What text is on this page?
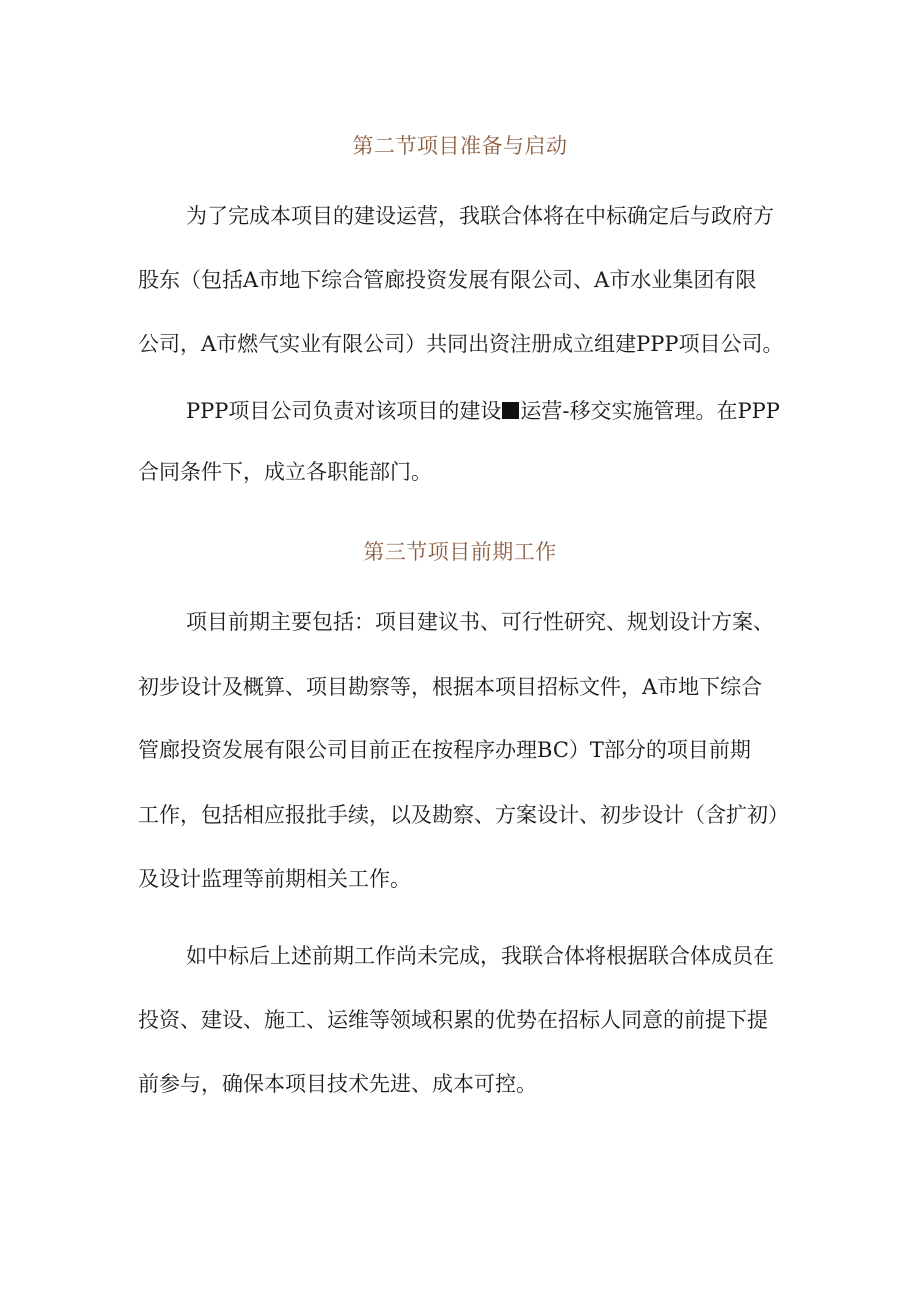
第二节项目准备与启动

为了完成本项目的建设运营，我联合体将在中标确定后与政府方

股东（包括A市地下综合管廊投资发展有限公司、A市水业集团有限

公司，A市燃气实业有限公司）共同出资注册成立组建PPP项目公司。

PPP项目公司负责对该项目的建设 运营-移交实施管理。在PPP

合同条件下，成立各职能部门。

第三节项目前期工作

项目前期主要包括：项目建议书、可行性研究、规划设计方案、

初步设计及概算、项目勘察等，根据本项目招标文件，A市地下综合

管廊投资发展有限公司目前正在按程序办理BC）T部分的项目前期

工作，包括相应报批手续，以及勘察、方案设计、初步设计（含扩初）

及设计监理等前期相关工作。

如中标后上述前期工作尚未完成，我联合体将根据联合体成员在

投资、建设、施工、运维等领域积累的优势在招标人同意的前提下提

前参与，确保本项目技术先进、成本可控。
